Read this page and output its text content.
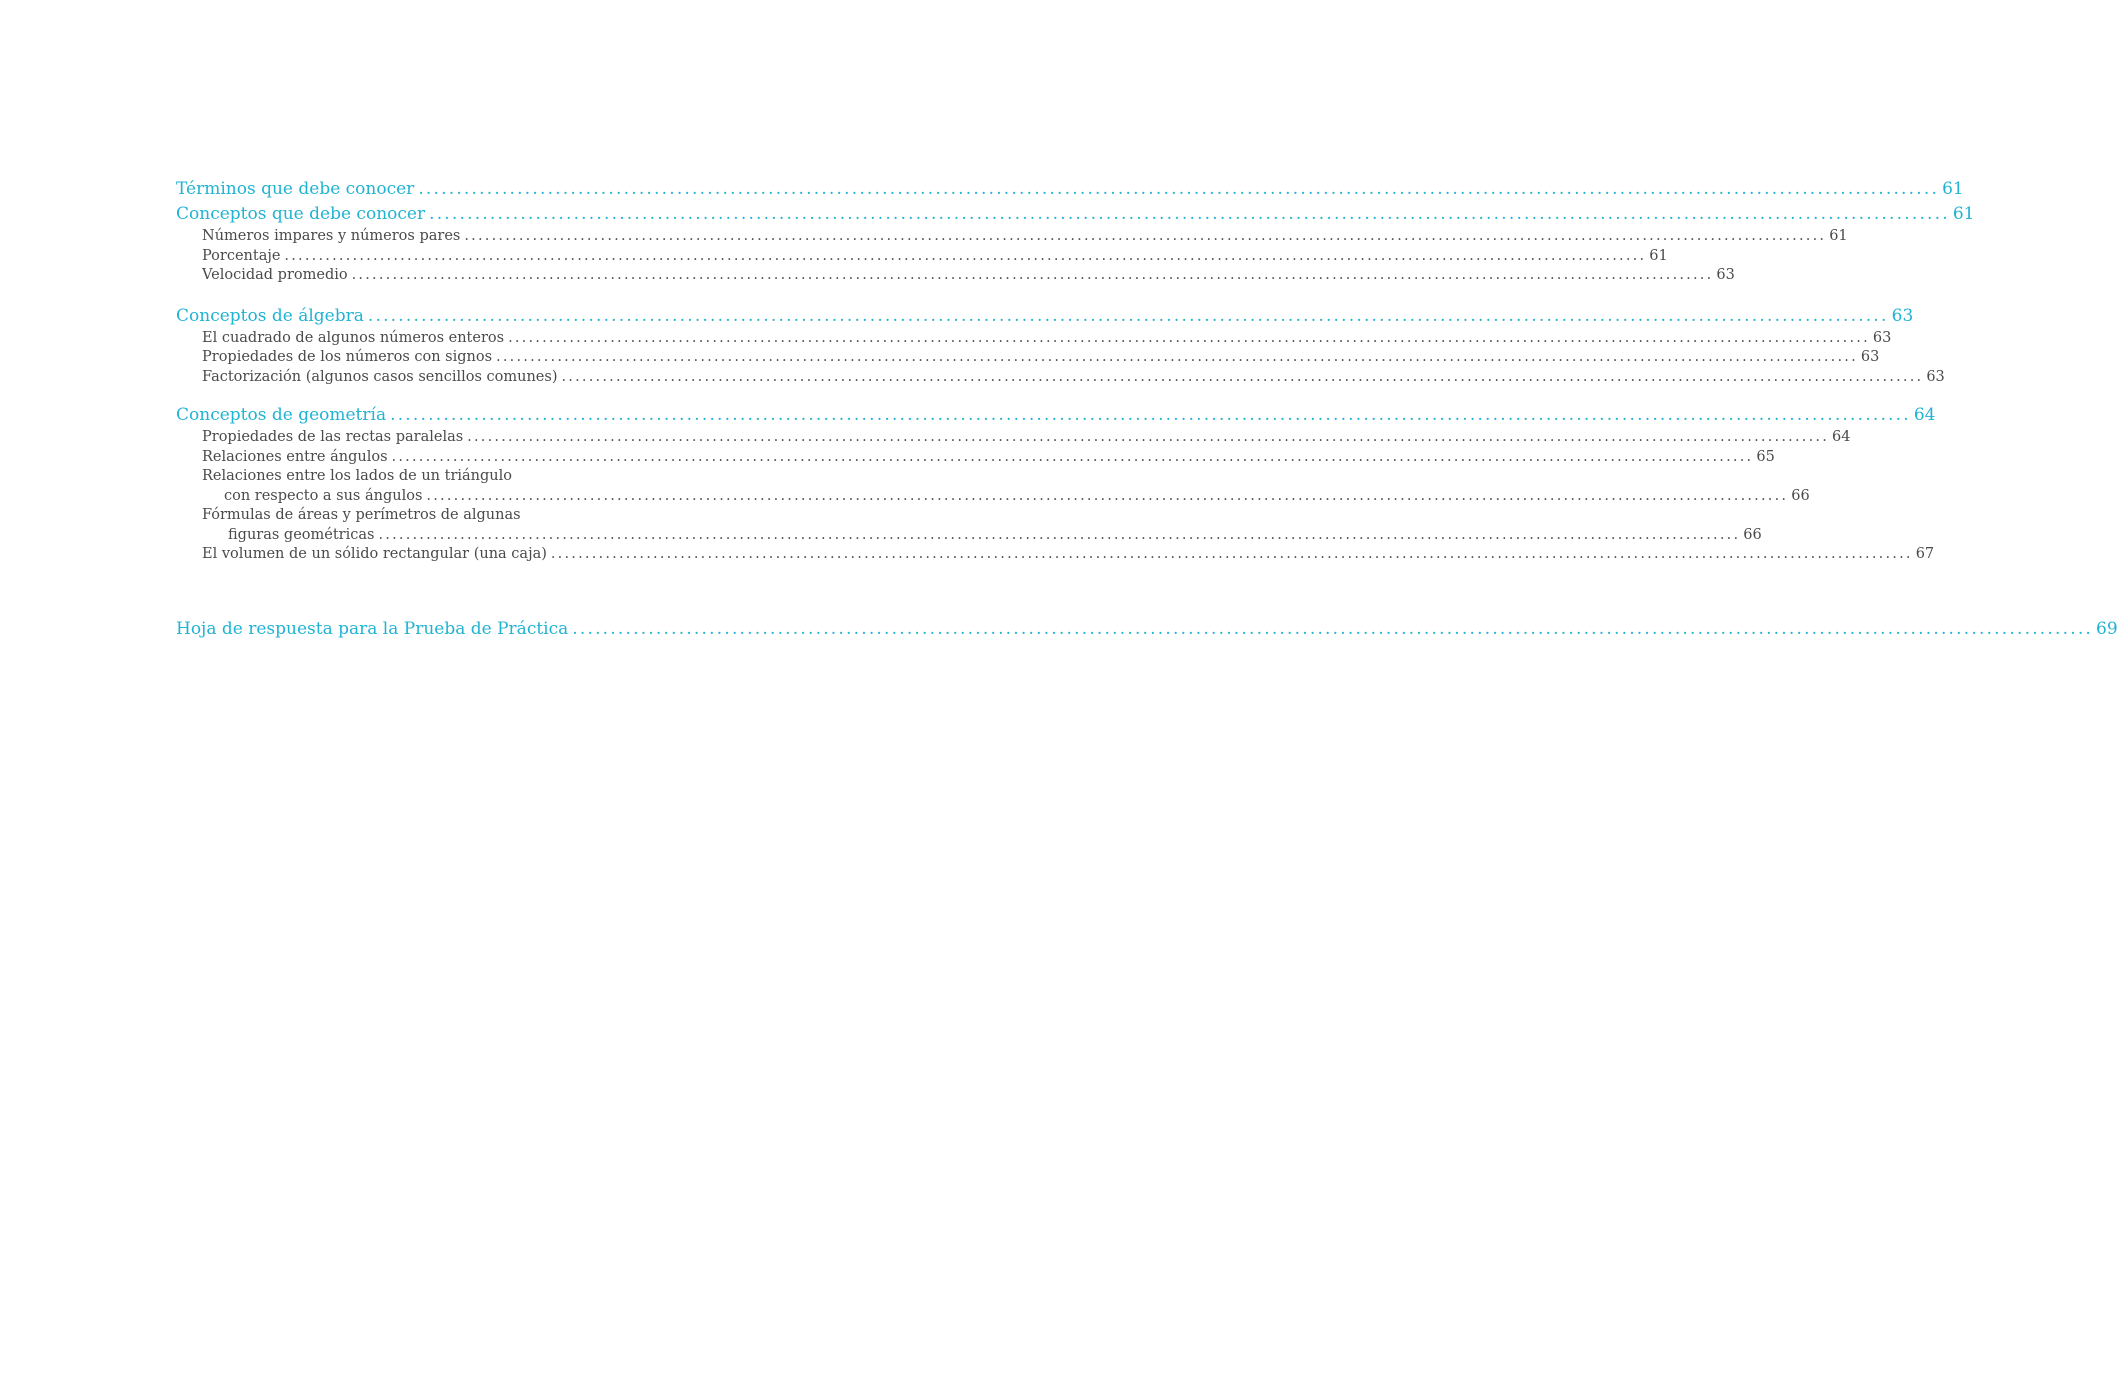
Términos que debe conocer ........................................................................................................................................................................................................ 61
Conceptos que debe conocer ........................................................................................................................................................................................................ 61
Números impares y números pares ........................................................................................................................................................................................................ 61
Porcentaje ........................................................................................................................................................................................................ 61
Velocidad promedio ........................................................................................................................................................................................................ 63
Conceptos de álgebra ........................................................................................................................................................................................................ 63
El cuadrado de algunos números enteros ........................................................................................................................................................................................................ 63
Propiedades de los números con signos ........................................................................................................................................................................................................ 63
Factorización (algunos casos sencillos comunes) ........................................................................................................................................................................................................ 63
Conceptos de geometría ........................................................................................................................................................................................................ 64
Propiedades de las rectas paralelas ........................................................................................................................................................................................................ 64
Relaciones entre ángulos ........................................................................................................................................................................................................ 65
Relaciones entre los lados de un triángulo
con respecto a sus ángulos ........................................................................................................................................................................................................ 66
Fórmulas de áreas y perímetros de algunas
figuras geométricas ........................................................................................................................................................................................................ 66
El volumen de un sólido rectangular (una caja) ........................................................................................................................................................................................................ 67
Hoja de respuesta para la Prueba de Práctica ........................................................................................................................................................................................................ 69
